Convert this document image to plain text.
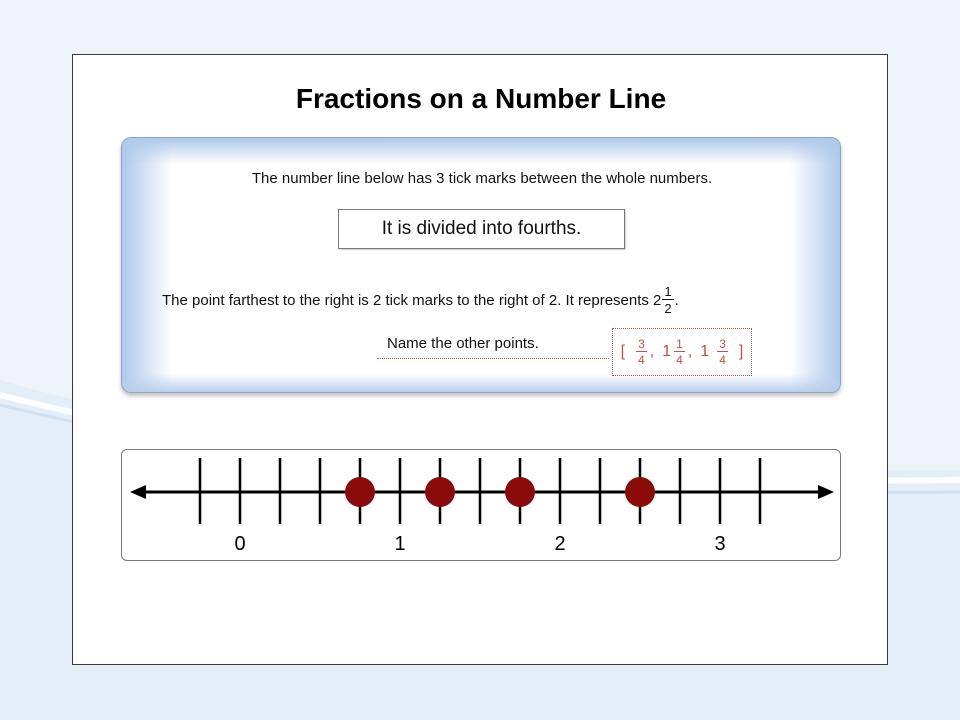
Fractions on a Number Line
The number line below has 3 tick marks between the whole numbers.
It is divided into fourths.
The point farthest to the right is 2 tick marks to the right of 2. It represents $2 \frac{1}{2}$ .
Name the other points.	[ $\frac{3}{4}$ , $1 \frac{1}{4}$ , $1 \frac{3}{4}$ ]
0	1	2	3
